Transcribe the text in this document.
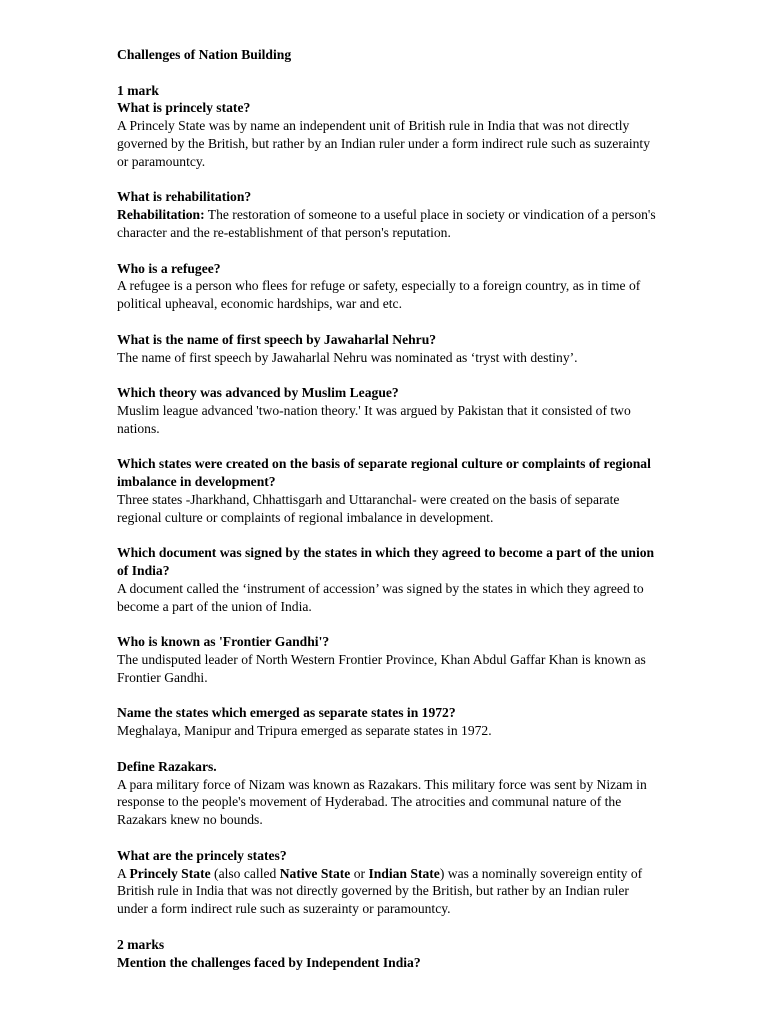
Challenges of Nation Building

1 mark

What is princely state?

A Princely State was by name an independent unit of British rule in India that was not directly governed by the British, but rather by an Indian ruler under a form indirect rule such as suzerainty or paramountcy.

What is rehabilitation?

Rehabilitation: The restoration of someone to a useful place in society or vindication of a person's character and the re-establishment of that person's reputation.

Who is a refugee?

A refugee is a person who flees for refuge or safety, especially to a foreign country, as in time of political upheaval, economic hardships, war and etc.

What is the name of first speech by Jawaharlal Nehru?

The name of first speech by Jawaharlal Nehru was nominated as ‘tryst with destiny’.

Which theory was advanced by Muslim League?

Muslim league advanced 'two-nation theory.' It was argued by Pakistan that it consisted of two nations.

Which states were created on the basis of separate regional culture or complaints of regional imbalance in development?

Three states -Jharkhand, Chhattisgarh and Uttaranchal- were created on the basis of separate regional culture or complaints of regional imbalance in development.

Which document was signed by the states in which they agreed to become a part of the union of India?

A document called the ‘instrument of accession’ was signed by the states in which they agreed to become a part of the union of India.

Who is known as 'Frontier Gandhi'?

The undisputed leader of North Western Frontier Province, Khan Abdul Gaffar Khan is known as Frontier Gandhi.

Name the states which emerged as separate states in 1972?

Meghalaya, Manipur and Tripura emerged as separate states in 1972.

Define Razakars.

A para military force of Nizam was known as Razakars. This military force was sent by Nizam in response to the people's movement of Hyderabad. The atrocities and communal nature of the Razakars knew no bounds.

What are the princely states?

A Princely State (also called Native State or Indian State) was a nominally sovereign entity of British rule in India that was not directly governed by the British, but rather by an Indian ruler under a form indirect rule such as suzerainty or paramountcy.

2 marks

Mention the challenges faced by Independent India?
